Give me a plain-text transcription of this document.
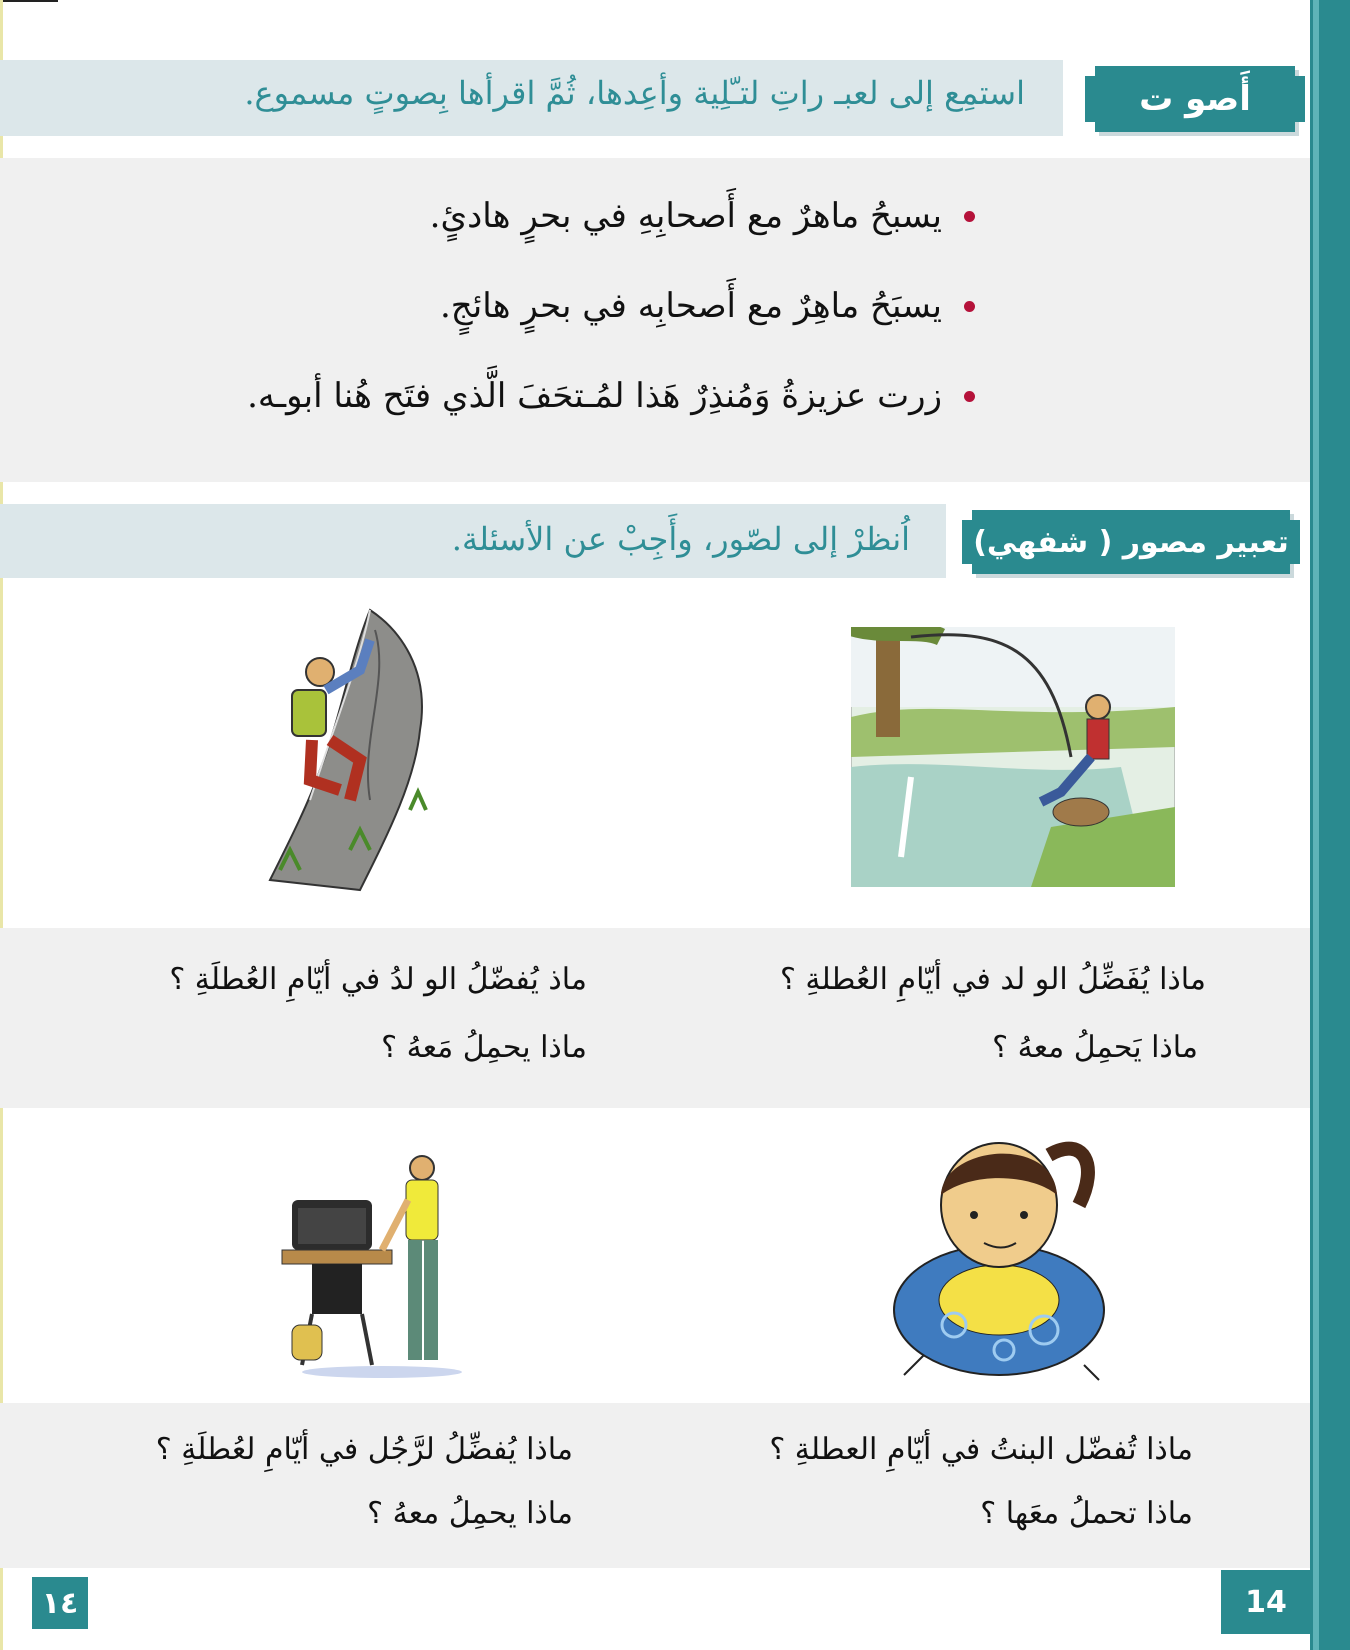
استمِع إلى لعبـ راتِ لتـّلِية وأعِدها، ثُمَّ اقرأها بِصوتٍ مسموع.	أَصو ت
يسبحُ ماهرٌ مع أَصحابِهِ في بحرٍ هادئٍ.
يسبَحُ ماهِرٌ مع أَصحابِه في بحرٍ هائجٍ.
زرت عزيزةُ وَمُنذِرٌ هَذا لمُـتحَفَ الَّذي فتَح هُنا أبوـه.
اُنظرْ إلى لصّور، وأَجِبْ عن الأسئلة. تعبير مصور ( شفهي)
ماذا يُفَضِّلُ الو لد في أيّامِ العُطلةِ ؟
ماذا يَحمِلُ معهُ ؟
ماذ يُفضّلُ الو لدُ في أيّامِ العُطلَةِ ؟
ماذا يحمِلُ مَعهُ ؟
ماذا تُفضّل البنتُ في أيّامِ العطلةِ ؟
ماذا تحملُ معَها ؟
ماذا يُفضِّلُ لرَّجُل في أيّامِ لعُطلَةِ ؟
ماذا يحمِلُ معهُ ؟
١٤	14
